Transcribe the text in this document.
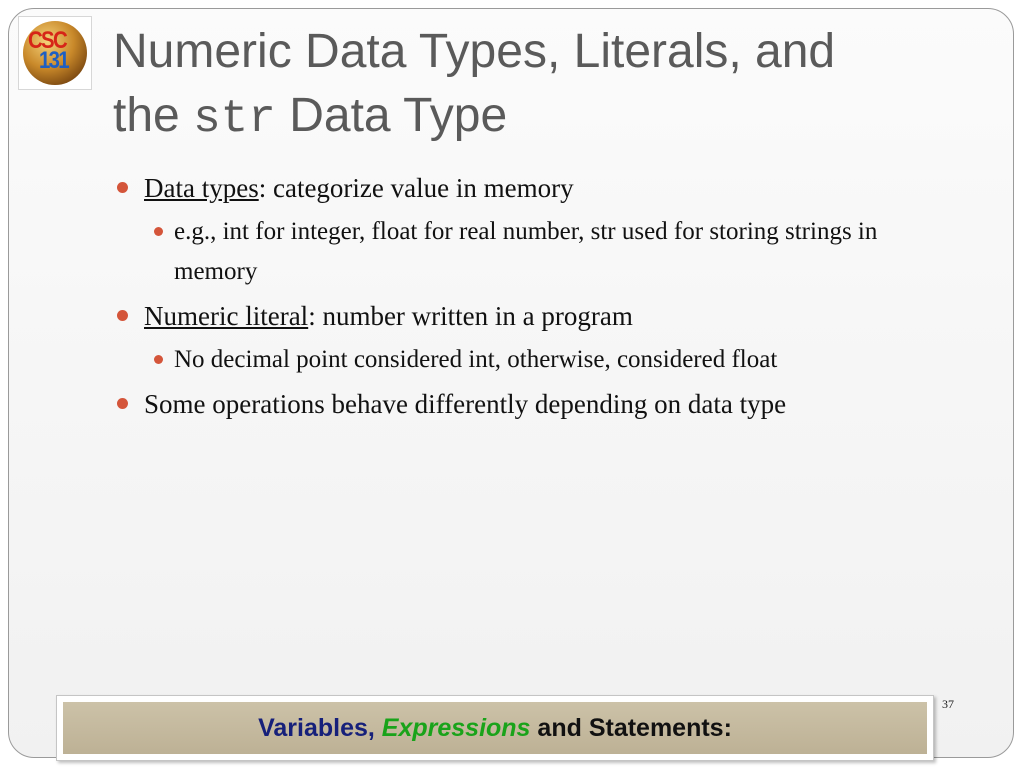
CSC
131 Numeric Data Types, Literals, and
the str Data Type
Data types: categorize value in memory
e.g., int for integer, float for real number, str used for storing strings in memory
Numeric literal: number written in a program
No decimal point considered int, otherwise, considered float
Some operations behave differently depending on data type
37
Variables,
Expressions
and Statements:
